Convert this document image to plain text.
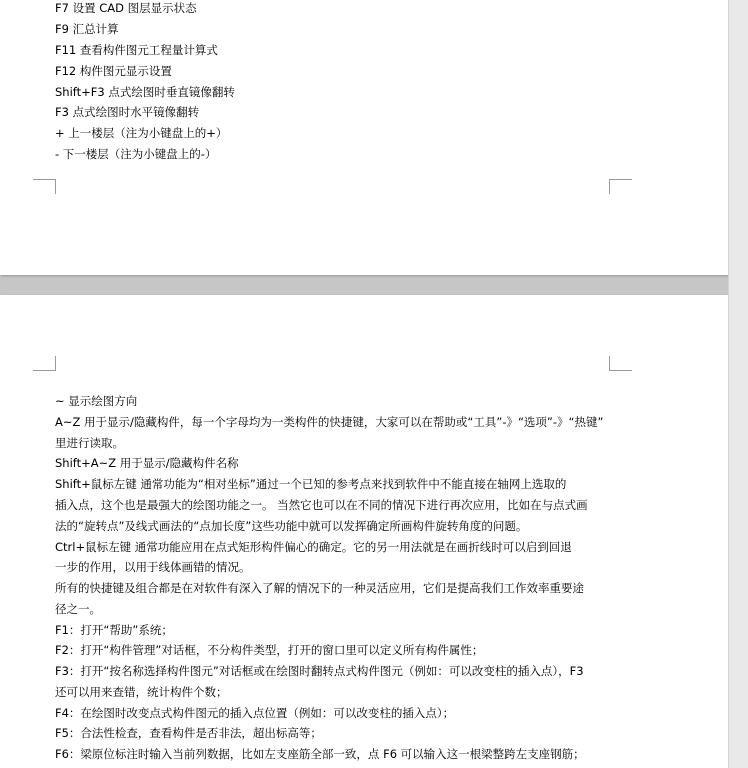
F7 设置 CAD 图层显示状态
F9 汇总计算
F11 查看构件图元工程量计算式
F12 构件图元显示设置
Shift+F3 点式绘图时垂直镜像翻转
F3 点式绘图时水平镜像翻转
+ 上一楼层（注为小键盘上的+）
- 下一楼层（注为小键盘上的-）
~ 显示绘图方向
A~Z 用于显示/隐藏构件，每一个字母均为一类构件的快捷键，大家可以在帮助或“工具”-》“选项”-》“热键”
里进行读取。
Shift+A~Z 用于显示/隐藏构件名称
Shift+鼠标左键 通常功能为“相对坐标”通过一个已知的参考点来找到软件中不能直接在轴网上选取的
插入点，这个也是最强大的绘图功能之一。 当然它也可以在不同的情况下进行再次应用，比如在与点式画
法的“旋转点”及线式画法的“点加长度”这些功能中就可以发挥确定所画构件旋转角度的问题。
Ctrl+鼠标左键 通常功能应用在点式矩形构件偏心的确定。它的另一用法就是在画折线时可以启到回退
一步的作用，以用于线体画错的情况。
所有的快捷键及组合都是在对软件有深入了解的情况下的一种灵活应用，它们是提高我们工作效率重要途
径之一。
F1：打开“帮助”系统；
F2：打开“构件管理”对话框，不分构件类型，打开的窗口里可以定义所有构件属性；
F3：打开“按名称选择构件图元”对话框或在绘图时翻转点式构件图元（例如：可以改变柱的插入点），F3
还可以用来查错，统计构件个数；
F4：在绘图时改变点式构件图元的插入点位置（例如：可以改变柱的插入点）；
F5：合法性检查，查看构件是否非法，超出标高等；
F6：梁原位标注时输入当前列数据，比如左支座筋全部一致，点 F6 可以输入这一根梁整跨左支座钢筋；
